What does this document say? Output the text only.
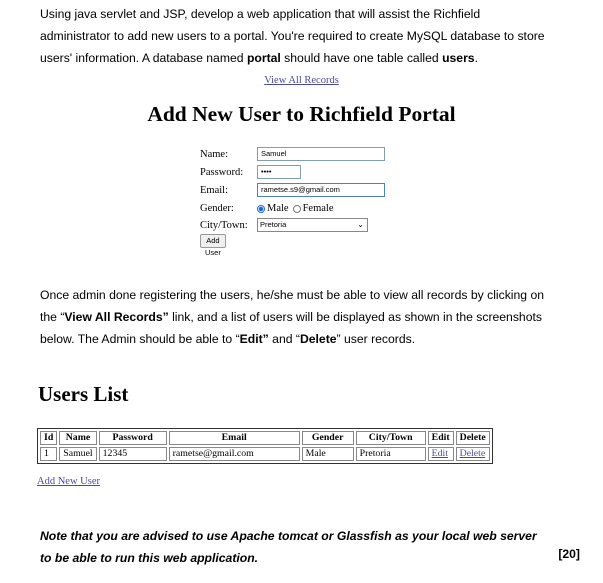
Using java servlet and JSP, develop a web application that will assist the Richfield
administrator to add new users to a portal. You're required to create MySQL database to store
users' information. A database named portal should have one table called users.
View All Records
Add New User to Richfield Portal
Name:	Samuel
Password:	••••
Email:	rametse.s9@gmail.com
Gender:	Male	Female
City/Town:	Pretoria	⌄
Add User
Once admin done registering the users, he/she must be able to view all records by clicking on
the “View All Records” link, and a list of users will be displayed as shown in the screenshots
below. The Admin should be able to “Edit” and “Delete” user records.
Users List
Id	Name	Password	Email	Gender	City/Town	Edit	Delete
1	Samuel	12345	rametse@gmail.com	Male	Pretoria	Edit	Delete
Add New User
Note that you are advised to use Apache tomcat or Glassfish as your local web server
to be able to run this web application.	[20]
